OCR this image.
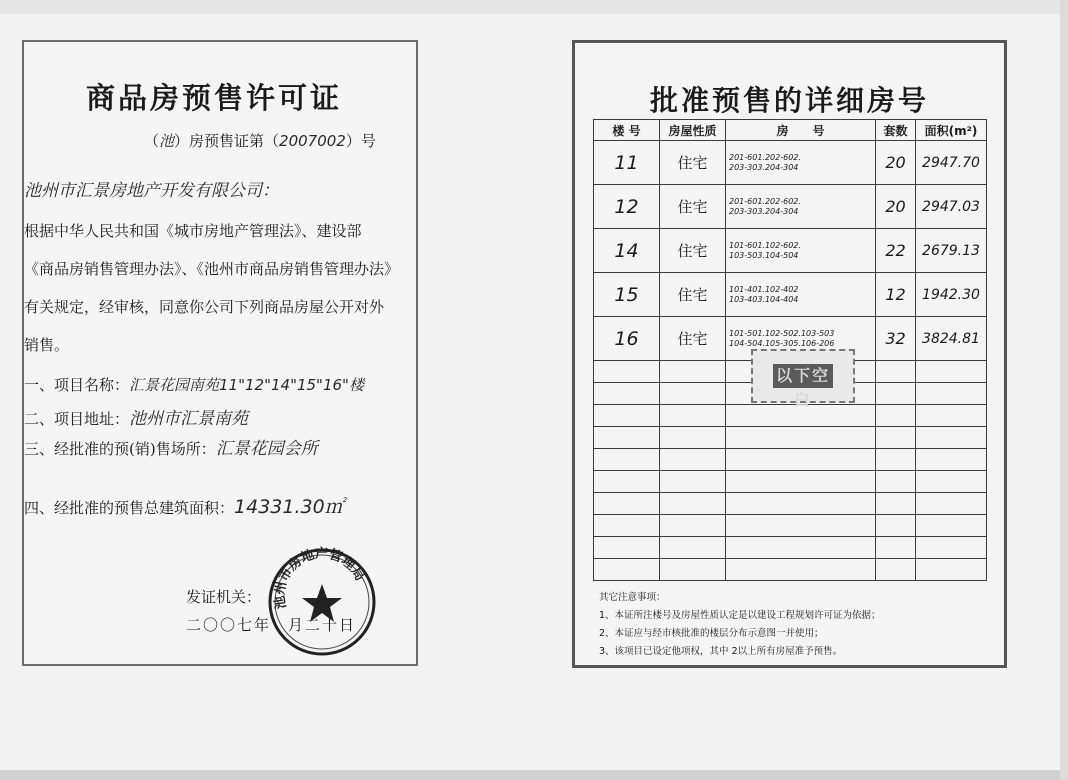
商品房预售许可证
（池）房预售证第（2007002）号
池州市汇景房地产开发有限公司：
根据中华人民共和国《城市房地产管理法》、建设部
《商品房销售管理办法》、《池州市商品房销售管理办法》
有关规定，经审核，同意你公司下列商品房屋公开对外
销售。
一、项目名称：汇景花园南苑11"12"14"15"16"楼
二、项目地址：池州市汇景南苑
三、经批准的预(销)售场所：汇景花园会所
四、经批准的预售总建筑面积：14331.30㎡
池州市房地产管理局
发证机关：
二〇〇七年　月二十日
批准预售的详细房号
楼 号	房屋性质	房　　号	套数	面积(m²)
11	住宅	201-601.202-602.
203-303.204-304	20	2947.70
12	住宅	201-601.202-602.
203-303.204-304	20	2947.03
14	住宅	101-601.102-602.
103-503.104-504	22	2679.13
15	住宅	101-401.102-402
103-403.104-404	12	1942.30
16	住宅	101-501.102-502.103-503
104-504.105-305.106-206	32	3824.81

以下空白
其它注意事项：
1、本证所注楼号及房屋性质认定是以建设工程规划许可证为依据；
2、本证应与经市核批准的楼层分布示意图一并使用；
3、该项目已设定他项权，其中 2以上所有房屋准予预售。
